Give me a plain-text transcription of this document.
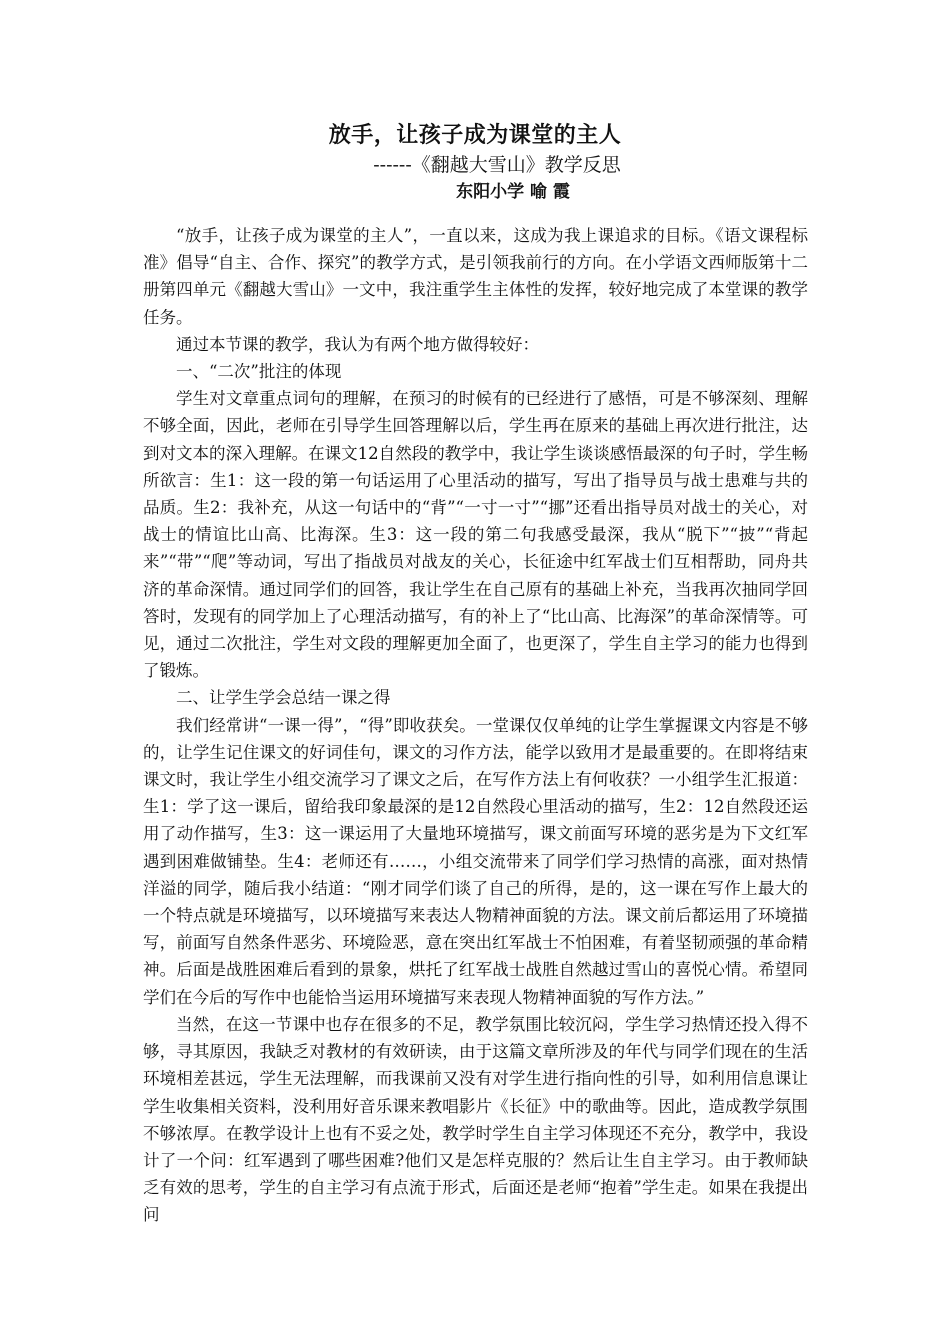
放手，让孩子成为课堂的主人
------《翻越大雪山》教学反思
东阳小学 喻 霞

“放手，让孩子成为课堂的主人”，一直以来，这成为我上课追求的目标。《语文课程标准》倡导“自主、合作、探究”的教学方式，是引领我前行的方向。在小学语文西师版第十二册第四单元《翻越大雪山》一文中，我注重学生主体性的发挥，较好地完成了本堂课的教学任务。

通过本节课的教学，我认为有两个地方做得较好：

一、“二次”批注的体现

学生对文章重点词句的理解，在预习的时候有的已经进行了感悟，可是不够深刻、理解不够全面，因此，老师在引导学生回答理解以后，学生再在原来的基础上再次进行批注，达到对文本的深入理解。在课文12自然段的教学中，我让学生谈谈感悟最深的句子时，学生畅所欲言：生1：这一段的第一句话运用了心里活动的描写，写出了指导员与战士患难与共的品质。生2：我补充，从这一句话中的“背”“一寸一寸”“挪”还看出指导员对战士的关心，对战士的情谊比山高、比海深。生3：这一段的第二句我感受最深，我从“脱下”“披”“背起来”“带”“爬”等动词，写出了指战员对战友的关心，长征途中红军战士们互相帮助，同舟共济的革命深情。通过同学们的回答，我让学生在自己原有的基础上补充，当我再次抽同学回答时，发现有的同学加上了心理活动描写，有的补上了“比山高、比海深”的革命深情等。可见，通过二次批注，学生对文段的理解更加全面了，也更深了，学生自主学习的能力也得到了锻炼。

二、让学生学会总结一课之得

我们经常讲“一课一得”，“得”即收获矣。一堂课仅仅单纯的让学生掌握课文内容是不够的，让学生记住课文的好词佳句，课文的习作方法，能学以致用才是最重要的。在即将结束课文时，我让学生小组交流学习了课文之后，在写作方法上有何收获？一小组学生汇报道：生1：学了这一课后，留给我印象最深的是12自然段心里活动的描写，生2：12自然段还运用了动作描写，生3：这一课运用了大量地环境描写，课文前面写环境的恶劣是为下文红军遇到困难做铺垫。生4：老师还有……，小组交流带来了同学们学习热情的高涨，面对热情洋溢的同学，随后我小结道：“刚才同学们谈了自己的所得，是的，这一课在写作上最大的一个特点就是环境描写，以环境描写来表达人物精神面貌的方法。课文前后都运用了环境描写，前面写自然条件恶劣、环境险恶，意在突出红军战士不怕困难，有着坚韧顽强的革命精神。后面是战胜困难后看到的景象，烘托了红军战士战胜自然越过雪山的喜悦心情。希望同学们在今后的写作中也能恰当运用环境描写来表现人物精神面貌的写作方法。”

当然，在这一节课中也存在很多的不足，教学氛围比较沉闷，学生学习热情还投入得不够，寻其原因，我缺乏对教材的有效研读，由于这篇文章所涉及的年代与同学们现在的生活环境相差甚远，学生无法理解，而我课前又没有对学生进行指向性的引导，如利用信息课让学生收集相关资料，没利用好音乐课来教唱影片《长征》中的歌曲等。因此，造成教学氛围不够浓厚。在教学设计上也有不妥之处，教学时学生自主学习体现还不充分，教学中，我设计了一个问：红军遇到了哪些困难?他们又是怎样克服的？然后让生自主学习。由于教师缺乏有效的思考，学生的自主学习有点流于形式，后面还是老师“抱着”学生走。如果在我提出问
